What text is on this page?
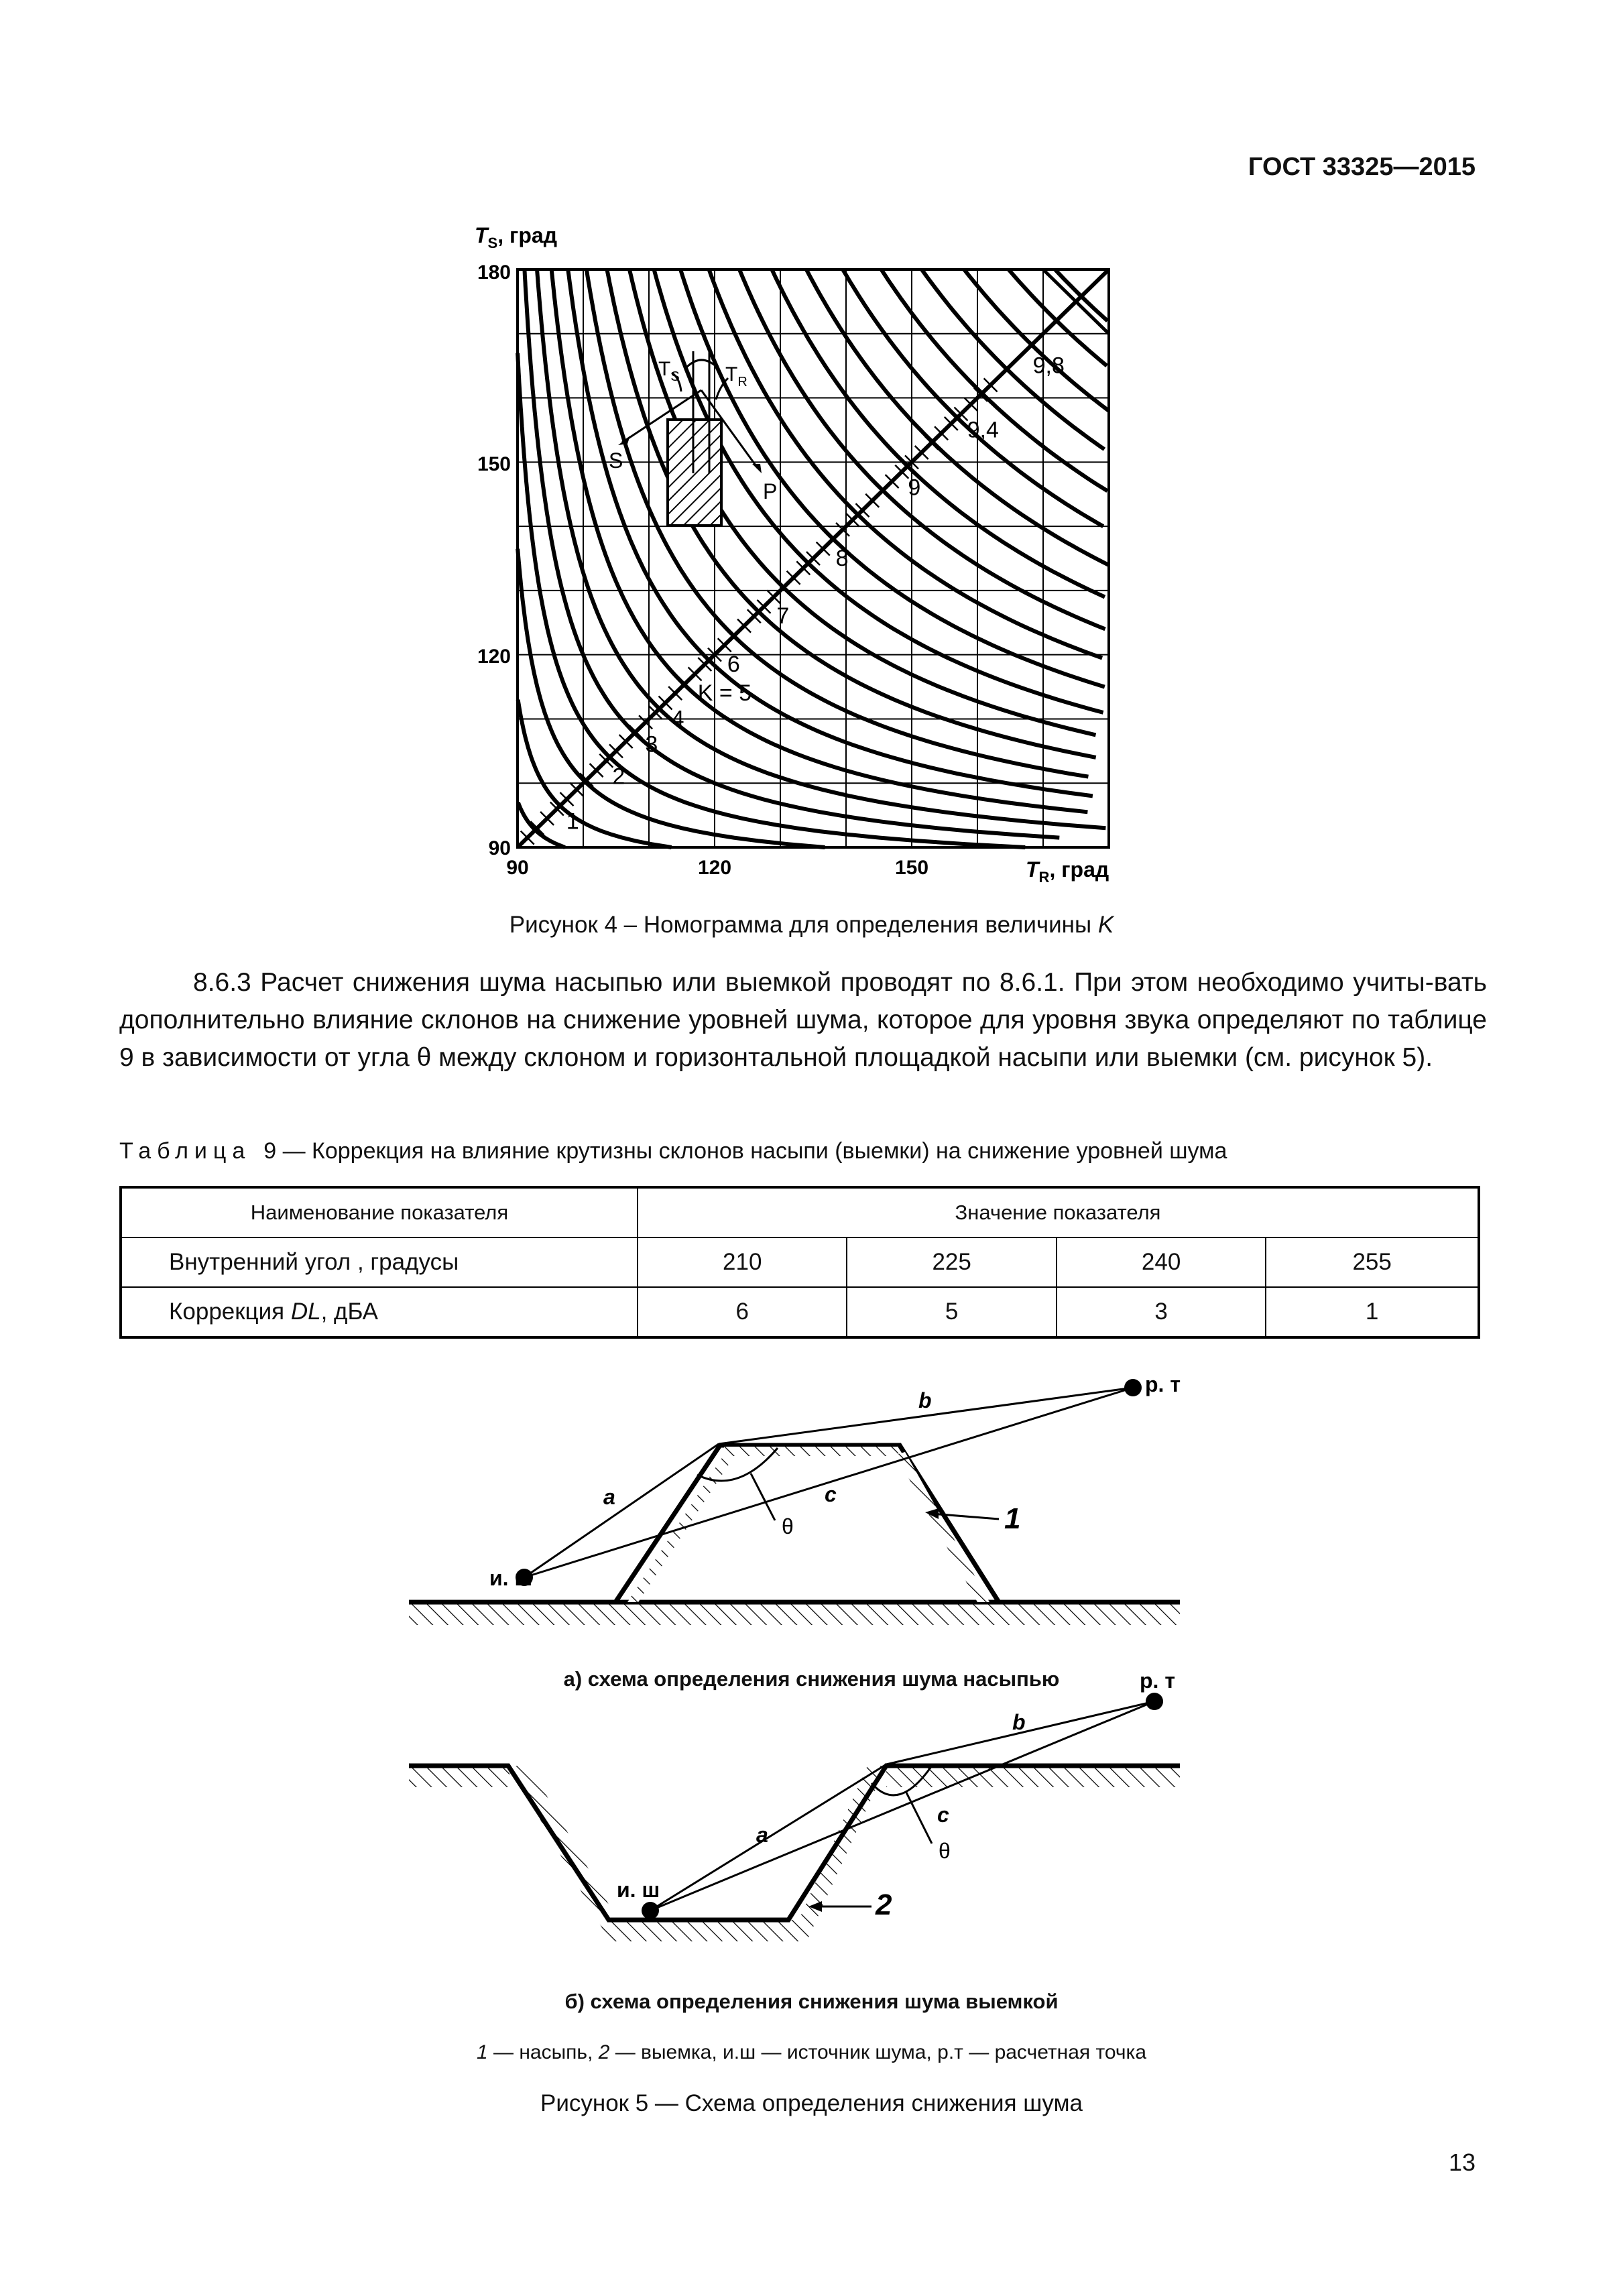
ГОСТ 33325—2015
180
150
120
90
90	120	150
$T_S$, град
$T_R$, град
$T_S$ $T_R$
S
P
1
2
3
4
K = 5
6
7
8
9
9,4
9,8
Рисунок 4 – Номограмма для определения величины K
8.6.3 Расчет снижения шума насыпью или выемкой проводят по 8.6.1. При этом необходимо учиты-вать дополнительно влияние склонов на снижение уровней шума, которое для уровня звука определяют по таблице 9 в зависимости от угла θ между склоном и горизонтальной площадкой насыпи или выемки (см. рисунок 5).
Таблица 9 — Коррекция на влияние крутизны склонов насыпи (выемки) на снижение уровней шума
Наименование показателя	Значение показателя			
Внутренний угол , градусы	210	225	240	255
Коррекция DL, дБА	6	5	3	1
и. ш
р. т
a
b
c
θ	1
а) схема определения снижения шума насыпью
и. ш
р. т
a
b
c
θ
2
б) схема определения снижения шума выемкой
1 — насыпь, 2 — выемка, и.ш — источник шума, р.т — расчетная точка
Рисунок 5 — Схема определения снижения шума
13
